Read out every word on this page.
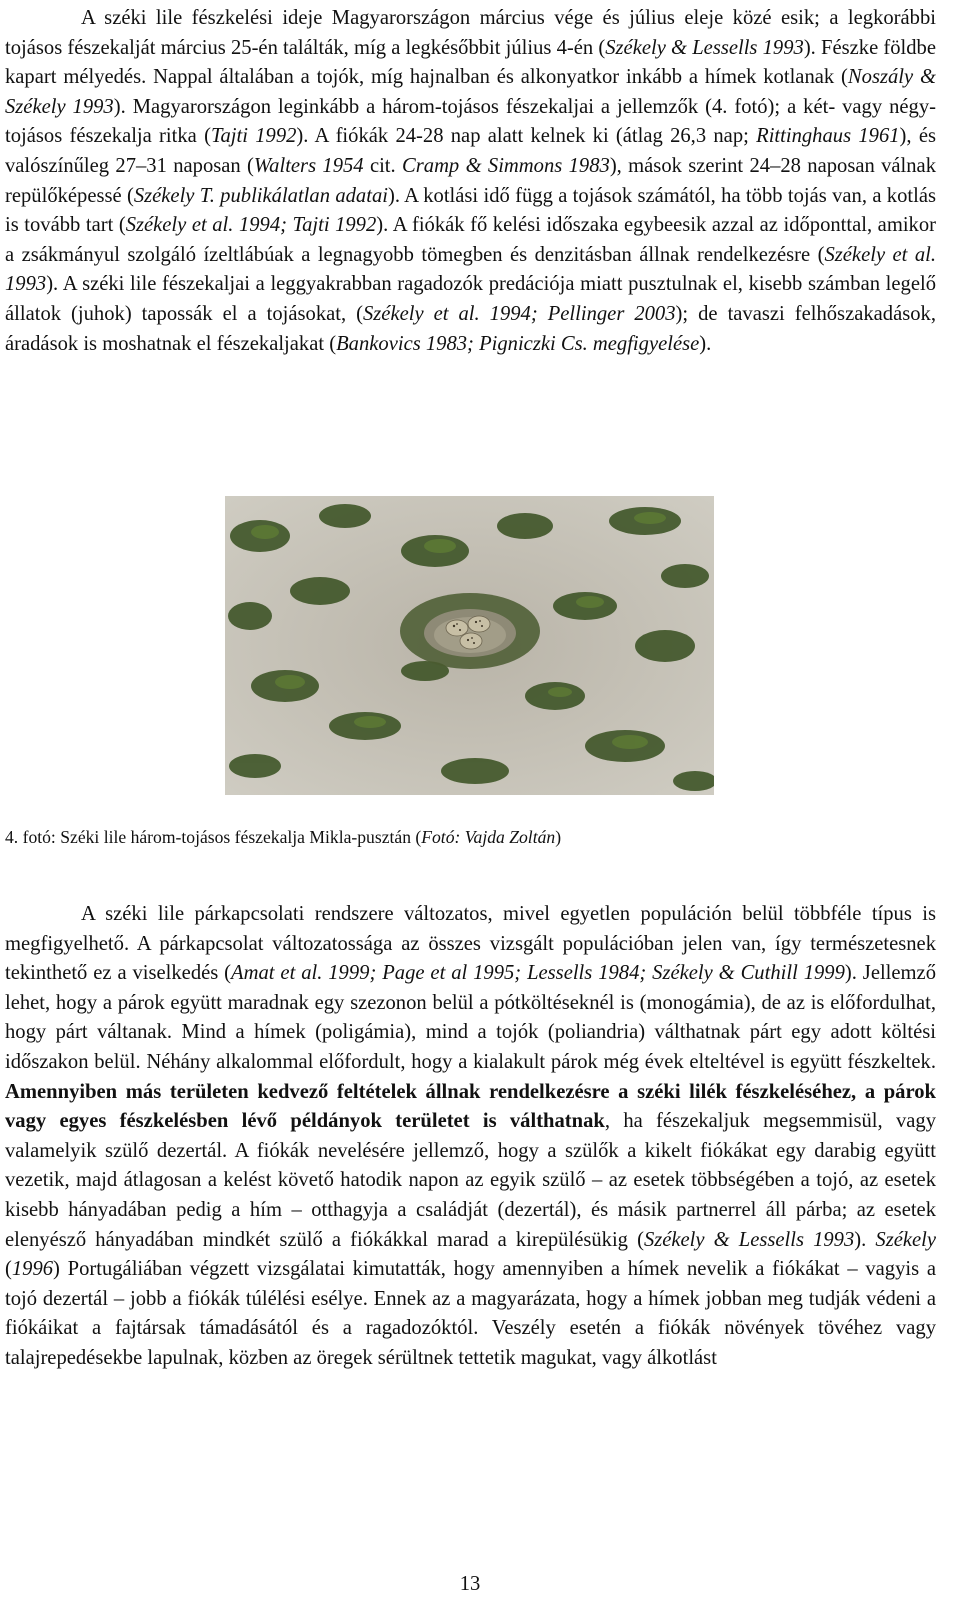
A széki lile fészkelési ideje Magyarországon március vége és július eleje közé esik; a legkorábbi tojásos fészekalját március 25-én találták, míg a legkésőbbit július 4-én (Székely & Lessells 1993). Fészke földbe kapart mélyedés. Nappal általában a tojók, míg hajnalban és alkonyatkor inkább a hímek kotlanak (Noszály & Székely 1993). Magyarországon leginkább a három-tojásos fészekaljai a jellemzők (4. fotó); a két- vagy négy-tojásos fészekalja ritka (Tajti 1992). A fiókák 24-28 nap alatt kelnek ki (átlag 26,3 nap; Rittinghaus 1961), és valószínűleg 27–31 naposan (Walters 1954 cit. Cramp & Simmons 1983), mások szerint 24–28 naposan válnak repülőképessé (Székely T. publikálatlan adatai). A kotlási idő függ a tojások számától, ha több tojás van, a kotlás is tovább tart (Székely et al. 1994; Tajti 1992). A fiókák fő kelési időszaka egybeesik azzal az időponttal, amikor a zsákmányul szolgáló ízeltlábúak a legnagyobb tömegben és denzitásban állnak rendelkezésre (Székely et al. 1993). A széki lile fészekaljai a leggyakrabban ragadozók predációja miatt pusztulnak el, kisebb számban legelő állatok (juhok) tapossák el a tojásokat, (Székely et al. 1994; Pellinger 2003); de tavaszi felhőszakadások, áradások is moshatnak el fészekaljakat (Bankovics 1983; Pigniczki Cs. megfigyelése).

4. fotó: Széki lile három-tojásos fészekalja Mikla-pusztán (Fotó: Vajda Zoltán)

A széki lile párkapcsolati rendszere változatos, mivel egyetlen populáción belül többféle típus is megfigyelhető. A párkapcsolat változatossága az összes vizsgált populációban jelen van, így természetesnek tekinthető ez a viselkedés (Amat et al. 1999; Page et al 1995; Lessells 1984; Székely & Cuthill 1999). Jellemző lehet, hogy a párok együtt maradnak egy szezonon belül a pótköltéseknél is (monogámia), de az is előfordulhat, hogy párt váltanak. Mind a hímek (poligámia), mind a tojók (poliandria) válthatnak párt egy adott költési időszakon belül. Néhány alkalommal előfordult, hogy a kialakult párok még évek elteltével is együtt fészkeltek. Amennyiben más területen kedvező feltételek állnak rendelkezésre a széki lilék fészkeléséhez, a párok vagy egyes fészkelésben lévő példányok területet is válthatnak, ha fészekaljuk megsemmisül, vagy valamelyik szülő dezertál. A fiókák nevelésére jellemző, hogy a szülők a kikelt fiókákat egy darabig együtt vezetik, majd átlagosan a kelést követő hatodik napon az egyik szülő – az esetek többségében a tojó, az esetek kisebb hányadában pedig a hím – otthagyja a családját (dezertál), és másik partnerrel áll párba; az esetek elenyésző hányadában mindkét szülő a fiókákkal marad a kirepülésükig (Székely & Lessells 1993). Székely (1996) Portugáliában végzett vizsgálatai kimutatták, hogy amennyiben a hímek nevelik a fiókákat – vagyis a tojó dezertál – jobb a fiókák túlélési esélye. Ennek az a magyarázata, hogy a hímek jobban meg tudják védeni a fiókáikat a fajtársak támadásától és a ragadozóktól. Veszély esetén a fiókák növények tövéhez vagy talajrepedésekbe lapulnak, közben az öregek sérültnek tettetik magukat, vagy álkotlást

13
